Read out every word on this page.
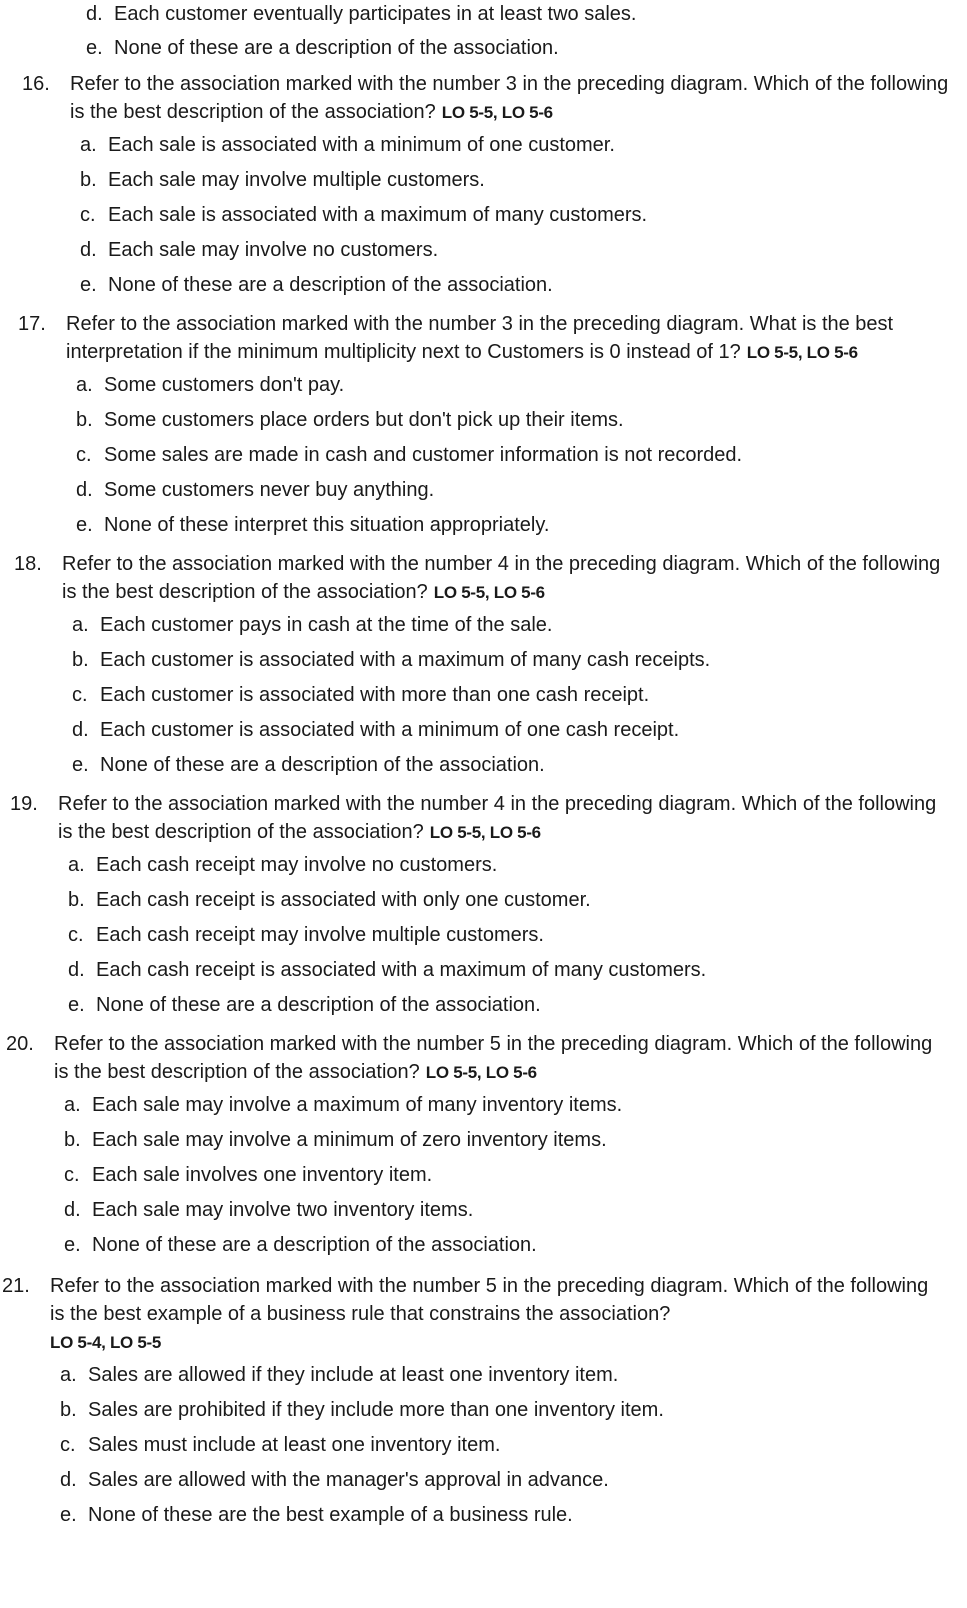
d. Each customer eventually participates in at least two sales.
e. None of these are a description of the association.
16. Refer to the association marked with the number 3 in the preceding diagram. Which of the following is the best description of the association? LO 5-5, LO 5-6
a. Each sale is associated with a minimum of one customer.
b. Each sale may involve multiple customers.
c. Each sale is associated with a maximum of many customers.
d. Each sale may involve no customers.
e. None of these are a description of the association.
17. Refer to the association marked with the number 3 in the preceding diagram. What is the best interpretation if the minimum multiplicity next to Customers is 0 instead of 1? LO 5-5, LO 5-6
a. Some customers don't pay.
b. Some customers place orders but don't pick up their items.
c. Some sales are made in cash and customer information is not recorded.
d. Some customers never buy anything.
e. None of these interpret this situation appropriately.
18. Refer to the association marked with the number 4 in the preceding diagram. Which of the following is the best description of the association? LO 5-5, LO 5-6
a. Each customer pays in cash at the time of the sale.
b. Each customer is associated with a maximum of many cash receipts.
c. Each customer is associated with more than one cash receipt.
d. Each customer is associated with a minimum of one cash receipt.
e. None of these are a description of the association.
19. Refer to the association marked with the number 4 in the preceding diagram. Which of the following is the best description of the association? LO 5-5, LO 5-6
a. Each cash receipt may involve no customers.
b. Each cash receipt is associated with only one customer.
c. Each cash receipt may involve multiple customers.
d. Each cash receipt is associated with a maximum of many customers.
e. None of these are a description of the association.
20. Refer to the association marked with the number 5 in the preceding diagram. Which of the following is the best description of the association? LO 5-5, LO 5-6
a. Each sale may involve a maximum of many inventory items.
b. Each sale may involve a minimum of zero inventory items.
c. Each sale involves one inventory item.
d. Each sale may involve two inventory items.
e. None of these are a description of the association.
21. Refer to the association marked with the number 5 in the preceding diagram. Which of the following is the best example of a business rule that constrains the association?
LO 5-4, LO 5-5
a. Sales are allowed if they include at least one inventory item.
b. Sales are prohibited if they include more than one inventory item.
c. Sales must include at least one inventory item.
d. Sales are allowed with the manager's approval in advance.
e. None of these are the best example of a business rule.
